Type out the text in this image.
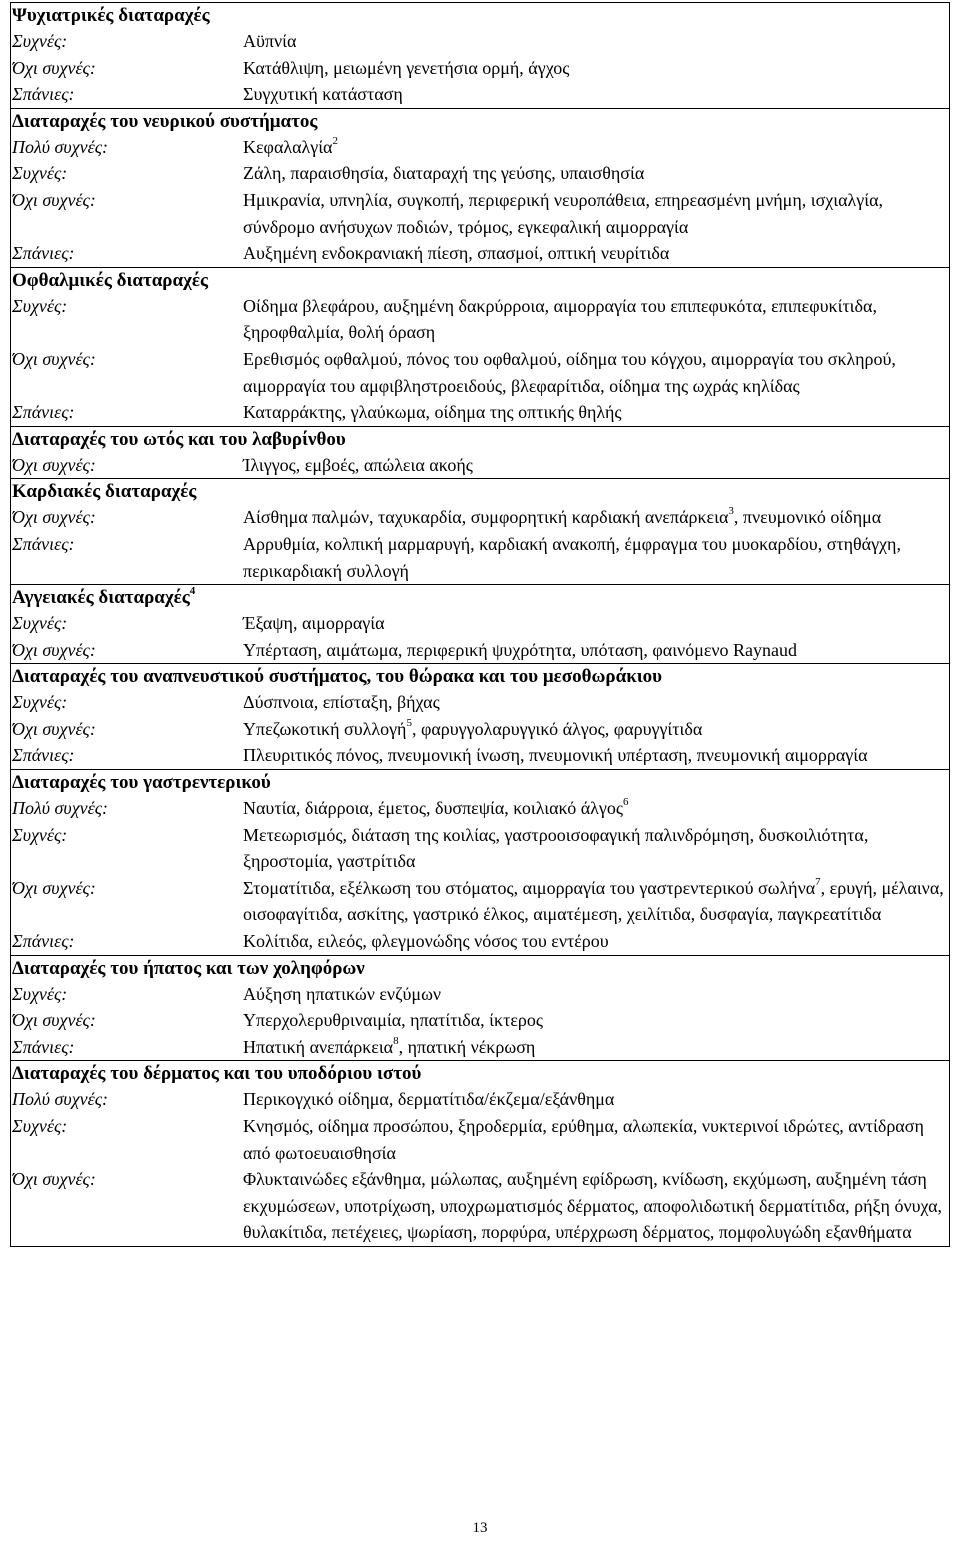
Ψυχιατρικές διαταραχές
Συχνές:	Αϋπνία
Όχι συχνές:	Κατάθλιψη, μειωμένη γενετήσια ορμή, άγχος
Σπάνιες:	Συγχυτική κατάσταση
Διαταραχές του νευρικού συστήματος
Πολύ συχνές:	Κεφαλαλγία$^2$
Συχνές:	Ζάλη, παραισθησία, διαταραχή της γεύσης, υπαισθησία
Όχι συχνές:	Ημικρανία, υπνηλία, συγκοπή, περιφερική νευροπάθεια, επηρεασμένη μνήμη, ισχιαλγία, σύνδρομο ανήσυχων ποδιών, τρόμος, εγκεφαλική αιμορραγία
Σπάνιες:	Αυξημένη ενδοκρανιακή πίεση, σπασμοί, οπτική νευρίτιδα
Οφθαλμικές διαταραχές
Συχνές:	Οίδημα βλεφάρου, αυξημένη δακρύρροια, αιμορραγία του επιπεφυκότα, επιπεφυκίτιδα, ξηροφθαλμία, θολή όραση
Όχι συχνές:	Ερεθισμός οφθαλμού, πόνος του οφθαλμού, οίδημα του κόγχου, αιμορραγία του σκληρού, αιμορραγία του αμφιβληστροειδούς, βλεφαρίτιδα, οίδημα της ωχράς κηλίδας
Σπάνιες:	Καταρράκτης, γλαύκωμα, οίδημα της οπτικής θηλής
Διαταραχές του ωτός και του λαβυρίνθου
Όχι συχνές:	Ίλιγγος, εμβοές, απώλεια ακοής
Καρδιακές διαταραχές
Όχι συχνές:	Αίσθημα παλμών, ταχυκαρδία, συμφορητική καρδιακή ανεπάρκεια$^3$, πνευμονικό οίδημα
Σπάνιες:	Αρρυθμία, κολπική μαρμαρυγή, καρδιακή ανακοπή, έμφραγμα του μυοκαρδίου, στηθάγχη, περικαρδιακή συλλογή
Αγγειακές διαταραχές$^4$
Συχνές:	Έξαψη, αιμορραγία
Όχι συχνές:	Υπέρταση, αιμάτωμα, περιφερική ψυχρότητα, υπόταση, φαινόμενο Raynaud
Διαταραχές του αναπνευστικού συστήματος, του θώρακα και του μεσοθωράκιου
Συχνές:	Δύσπνοια, επίσταξη, βήχας
Όχι συχνές:	Υπεζωκοτική συλλογή$^5$, φαρυγγολαρυγγικό άλγος, φαρυγγίτιδα
Σπάνιες:	Πλευριτικός πόνος, πνευμονική ίνωση, πνευμονική υπέρταση, πνευμονική αιμορραγία
Διαταραχές του γαστρεντερικού
Πολύ συχνές:	Ναυτία, διάρροια, έμετος, δυσπεψία, κοιλιακό άλγος$^6$
Συχνές:	Μετεωρισμός, διάταση της κοιλίας, γαστροοισοφαγική παλινδρόμηση, δυσκοιλιότητα, ξηροστομία, γαστρίτιδα
Όχι συχνές:	Στοματίτιδα, εξέλκωση του στόματος, αιμορραγία του γαστρεντερικού σωλήνα$^7$, ερυγή, μέλαινα, οισοφαγίτιδα, ασκίτης, γαστρικό έλκος, αιματέμεση, χειλίτιδα, δυσφαγία, παγκρεατίτιδα
Σπάνιες:	Κολίτιδα, ειλεός, φλεγμονώδης νόσος του εντέρου
Διαταραχές του ήπατος και των χοληφόρων
Συχνές:	Αύξηση ηπατικών ενζύμων
Όχι συχνές:	Υπερχολερυθριναιμία, ηπατίτιδα, ίκτερος
Σπάνιες:	Ηπατική ανεπάρκεια$^8$, ηπατική νέκρωση
Διαταραχές του δέρματος και του υποδόριου ιστού
Πολύ συχνές:	Περικογχικό οίδημα, δερματίτιδα/έκζεμα/εξάνθημα
Συχνές:	Κνησμός, οίδημα προσώπου, ξηροδερμία, ερύθημα, αλωπεκία, νυκτερινοί ιδρώτες, αντίδραση από φωτοευαισθησία
Όχι συχνές:	Φλυκταινώδες εξάνθημα, μώλωπας, αυξημένη εφίδρωση, κνίδωση, εκχύμωση, αυξημένη τάση εκχυμώσεων, υποτρίχωση, υποχρωματισμός δέρματος, αποφολιδωτική δερματίτιδα, ρήξη όνυχα, θυλακίτιδα, πετέχειες, ψωρίαση, πορφύρα, υπέρχρωση δέρματος, πομφολυγώδη εξανθήματα
13
